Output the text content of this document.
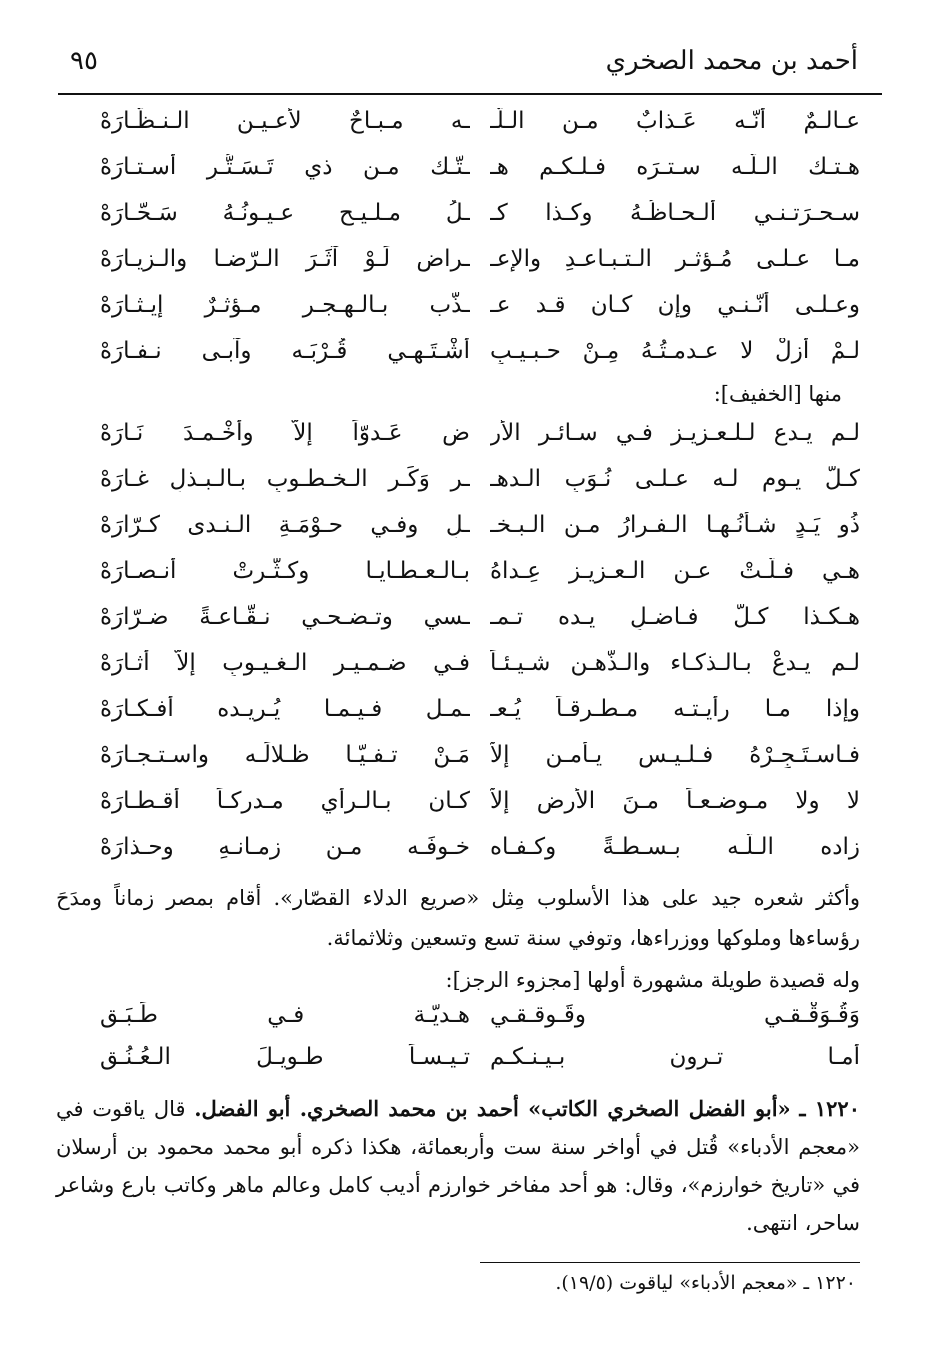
أحمد بن محمد الصخري
٩٥
عـالـمٌ أنّـه عَـذابٌ مـن الـلّـ
ـه مـبـاحٌ لأعـيـنِ الـنـظّـارَهْ
هـتـك الـلّـه سـتـرَه فـلـكـم هـ
ـتّـك مـن ذي تَـسَـتُّـرٍ أسـتـارَهْ
سـحـرَتـنـي ألـحـاظُـهُ وكـذا كـ
ـلُ مـلـيـحٍ عـيـونُـهُ سَـحّـارَهْ
مـا عـلـى مُـؤثـرِ الـتـبـاعـدِ والإعـ
ـراضِ لَـوْ آثَـرَ الـرّضـا والـزيـارَهْ
وعـلـى أنّـنـي وإن كـان قـد عـ
ـذّب بـالـهـجـرِ مـؤثـرٌ إيـثـارَهْ
لـمْ أزلْ لا عـدمـتُـهُ مِـنْ حـبـيـبٍ
أشْـتَـهـي قُـرْبَـه وآبـى نـفـارَهْ
منها [الخفيف]:
لـم يـدع لـلـعـزيـزِ فـي سـائـرِ الأر
ضِ عَـدوّاً إلاّ وأخْـمـدَ نَـارَهْ
كـلَّ يـومٍ لـه عـلـى نُـوَبِ الـدهـ
ـرِ وَكَـرِ الـخـطـوبِ بـالـبـذلِ غـارَهْ
ذُو يَـدٍ شـأنُـهـا الـفـرارُ مـن الـبـخـ
ـلِ وفـي حـوْمَـةِ الـنـدى كـرّارَهْ
هـي فـلّـتْ عـن الـعـزيـزِ عِـداهُ
بـالـعـطـايـا وكـثّـرتْ أنـصـارَهْ
هـكـذا كـلُّ فـاضـلٍ يـده تـمـ
ـسي وتـضـحـي نـقّـاعـةً ضـرّارَهْ
لـم يـدعْ بـالـذكـاء والـذّهـن شـيـئـاً
فـي ضـمـيـرِ الـغـيـوبِ إلاّ أثـارَهْ
وإذا مـا رأيـتـه مـطـرقـاً يُـعـ
ـمـل فـيـمـا يُـريـده أفـكـارَهْ
فـاسـتَـجِـرْهُ فـلـيـس يـأمـن إلاّ
مَـنْ تـفـيّـا ظـلالَـه واسـتـجـارَهْ
لا ولا مـوضـعـاً مـنَ الأرضِ إلاّ
كـان بـالـرأي مـدركـاً أقـطـارَهْ
زاده الـلّـه بـسـطـةً وكـفـاه
خـوفَـه مـن زمـانـهِ وحـذارَهْ
وأكثر شعره جيد على هذا الأسلوب مِثل «صريع الدلاء القصّار». أقام بمصر زماناً ومدَحَ رؤساءها وملوكها ووزراءها، وتوفي سنة تسع وتسعين وثلاثمائة.
وله قصيدة طويلة مشهورة أولها [مجزوء الرجز]:
وَقُـوَقْـقـي وقَـوقـقـي
هـديّـة فـي طَـبَـقِ
أمـا تـرون بـيـنـكـم
تـيـسـاً طـويـلَ الـعُـنُـقِ
١٢٢٠ ـ «أبو الفضل الصخري الكاتب» أحمد بن محمد الصخري. أبو الفضل. قال ياقوت في «معجم الأدباء» قُتل في أواخر سنة ست وأربعمائة، هكذا ذكره أبو محمد محمود بن أرسلان في «تاريخ خوارزم»، وقال: هو أحد مفاخر خوارزم أديب كامل وعالم ماهر وكاتب بارع وشاعر ساحر، انتهى.
١٢٢٠ ـ «معجم الأدباء» لياقوت (١٩/٥).
